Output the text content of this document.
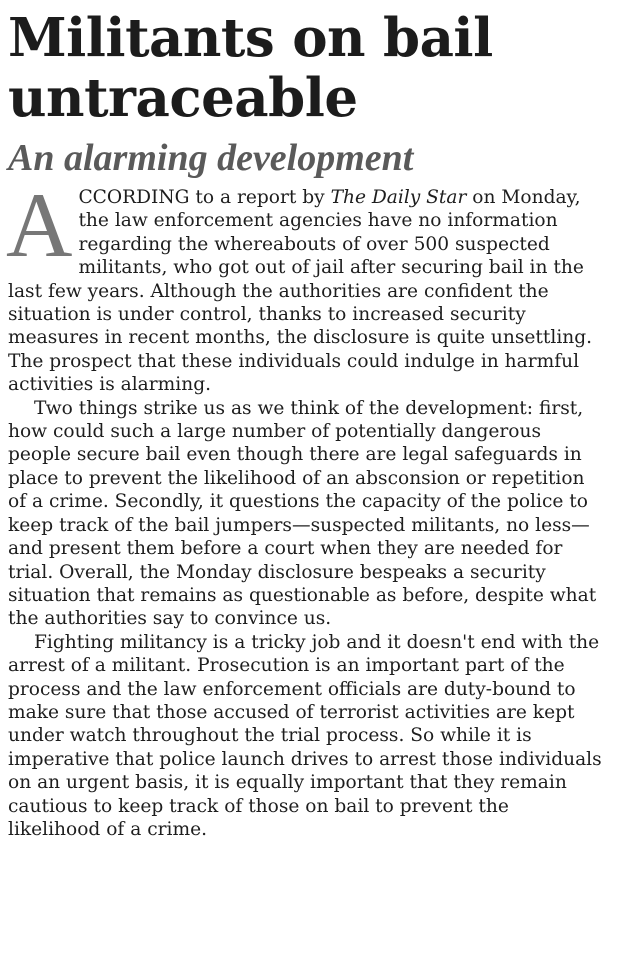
Militants on bail untraceable
An alarming development

ACCORDING to a report by The Daily Star on Monday, the law enforcement agencies have no information regarding the whereabouts of over 500 suspected militants, who got out of jail after securing bail in the last few years. Although the authorities are confident the situation is under control, thanks to increased security measures in recent months, the disclosure is quite unsettling. The prospect that these individuals could indulge in harmful activities is alarming.

Two things strike us as we think of the development: first, how could such a large number of potentially dangerous people secure bail even though there are legal safeguards in place to prevent the likelihood of an absconsion or repetition of a crime. Secondly, it questions the capacity of the police to keep track of the bail jumpers—suspected militants, no less—and present them before a court when they are needed for trial. Overall, the Monday disclosure bespeaks a security situation that remains as questionable as before, despite what the authorities say to convince us.

Fighting militancy is a tricky job and it doesn't end with the arrest of a militant. Prosecution is an important part of the process and the law enforcement officials are duty-bound to make sure that those accused of terrorist activities are kept under watch throughout the trial process. So while it is imperative that police launch drives to arrest those individuals on an urgent basis, it is equally important that they remain cautious to keep track of those on bail to prevent the likelihood of a crime.
